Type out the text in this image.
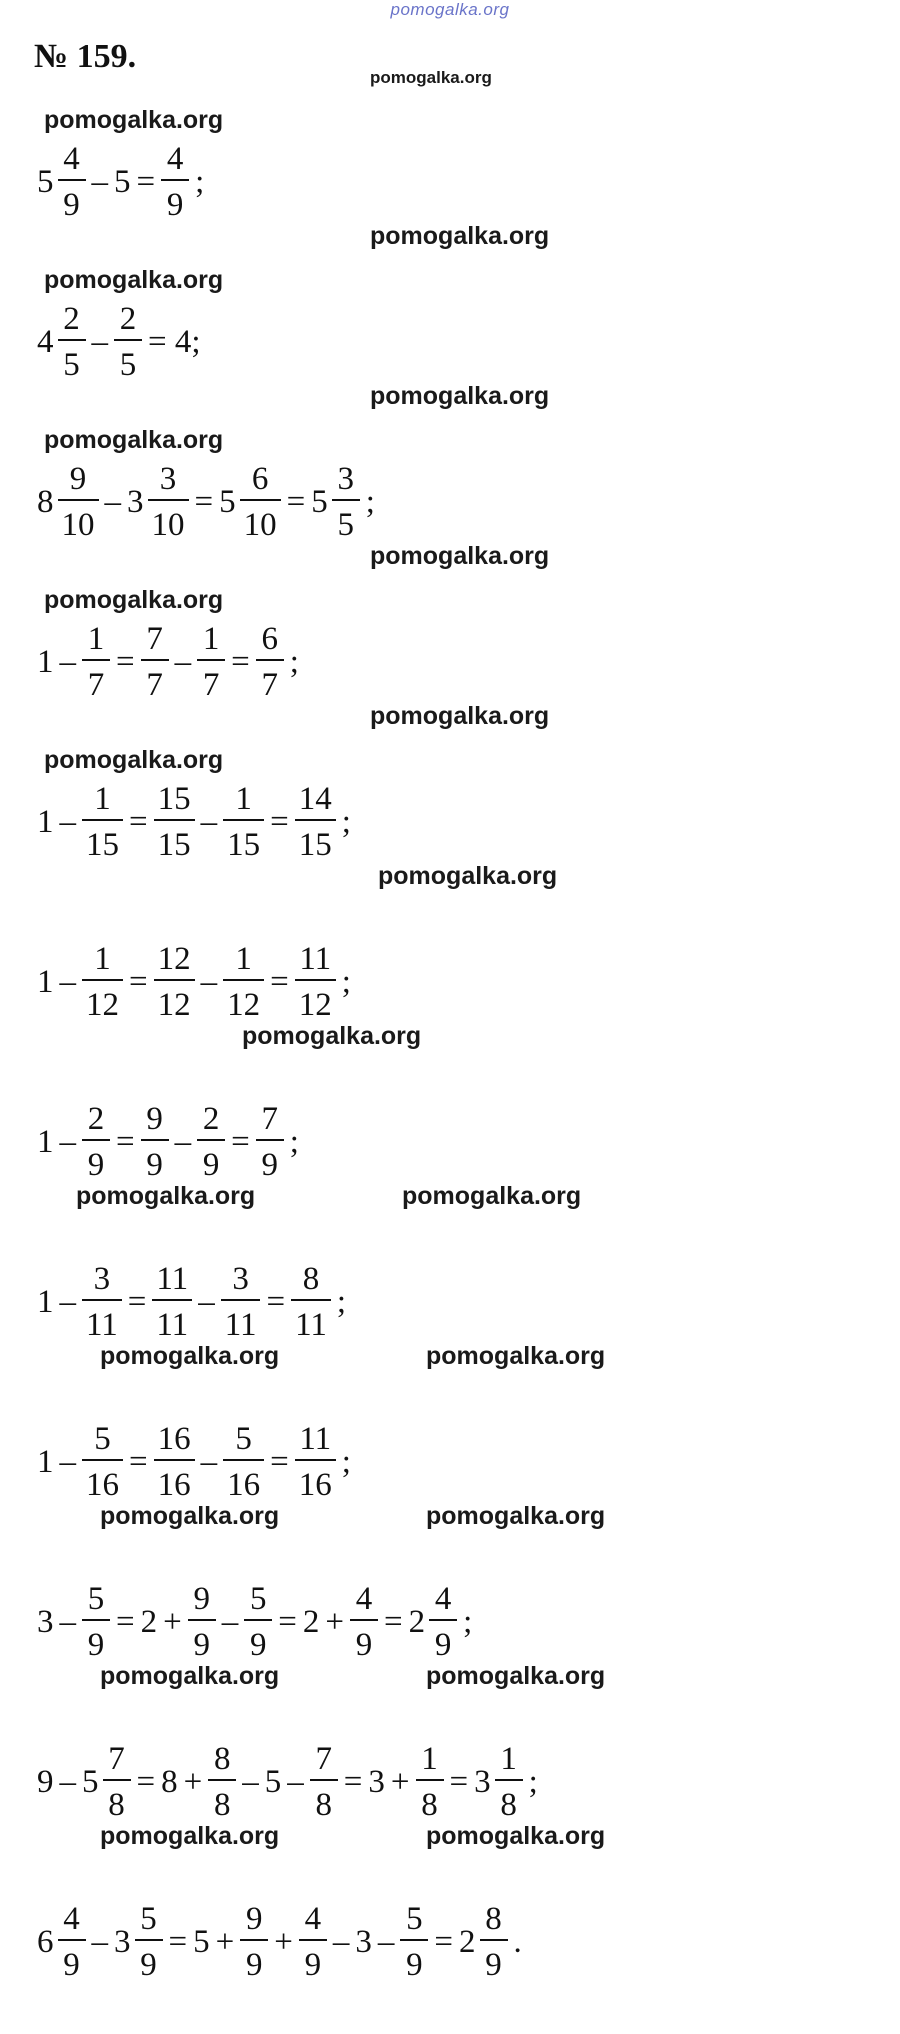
pomogalka.org
№ 159.
pomogalka.org
pomogalka.org
pomogalka.org
pomogalka.org
pomogalka.org
pomogalka.org
pomogalka.org
pomogalka.org
pomogalka.org
pomogalka.org
pomogalka.org
pomogalka.org
pomogalka.org	pomogalka.org
pomogalka.org	pomogalka.org
pomogalka.org	pomogalka.org
pomogalka.org	pomogalka.org
pomogalka.org	pomogalka.org
$5 \frac{4}{9} - 5 = \frac{4}{9}$ ;
$4 \frac{2}{5} - \frac{2}{5} = 4$;
$8 \frac{9}{10} - 3 \frac{3}{10} = 5 \frac{6}{10} = 5 \frac{3}{5}$ ;
$1 - \frac{1}{7} = \frac{7}{7} - \frac{1}{7} = \frac{6}{7}$ ;
$1 - \frac{1}{15} = \frac{15}{15} - \frac{1}{15} = \frac{14}{15}$ ;
$1 - \frac{1}{12} = \frac{12}{12} - \frac{1}{12} = \frac{11}{12}$ ;
$1 - \frac{2}{9} = \frac{9}{9} - \frac{2}{9} = \frac{7}{9}$ ;
$1 - \frac{3}{11} = \frac{11}{11} - \frac{3}{11} = \frac{8}{11}$ ;
$1 - \frac{5}{16} = \frac{16}{16} - \frac{5}{16} = \frac{11}{16}$ ;
$3 - \frac{5}{9} = 2 + \frac{9}{9} - \frac{5}{9} = 2 + \frac{4}{9} = 2 \frac{4}{9}$ ;
$9 - 5 \frac{7}{8} = 8 + \frac{8}{8} - 5 - \frac{7}{8} = 3 + \frac{1}{8} = 3 \frac{1}{8}$ ;
$6 \frac{4}{9} - 3 \frac{5}{9} = 5 + \frac{9}{9} + \frac{4}{9} - 3 - \frac{5}{9} = 2 \frac{8}{9}$ .
